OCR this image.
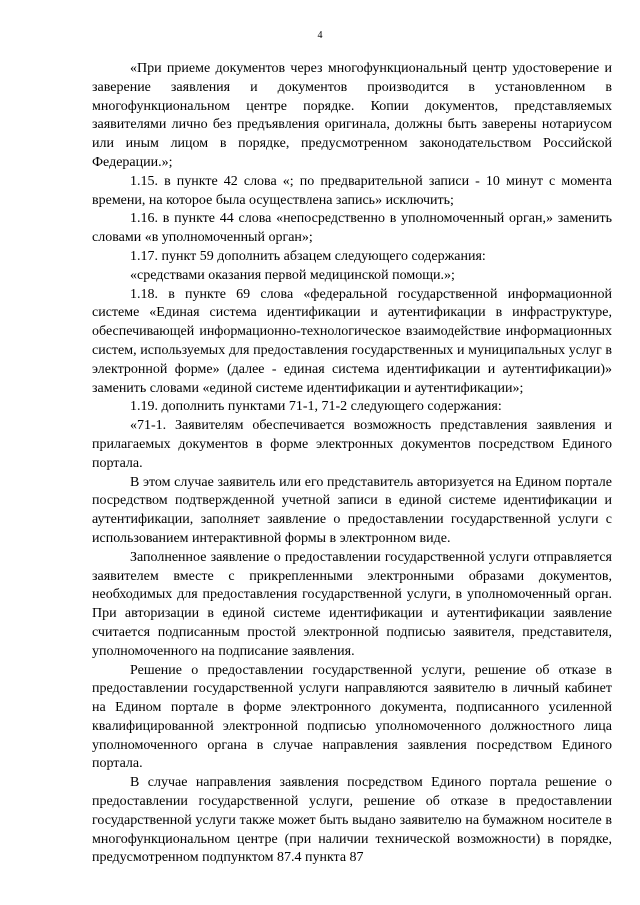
4

«При приеме документов через многофункциональный центр удостоверение и заверение заявления и документов производится в установленном в многофункциональном центре порядке. Копии документов, представляемых заявителями лично без предъявления оригинала, должны быть заверены нотариусом или иным лицом в порядке, предусмотренном законодательством Российской Федерации.»;

1.15. в пункте 42 слова «; по предварительной записи - 10 минут с момента времени, на которое была осуществлена запись» исключить;

1.16. в пункте 44 слова «непосредственно в уполномоченный орган,» заменить словами «в уполномоченный орган»;

1.17. пункт 59 дополнить абзацем следующего содержания:

«средствами оказания первой медицинской помощи.»;

1.18. в пункте 69 слова «федеральной государственной информационной системе «Единая система идентификации и аутентификации в инфраструктуре, обеспечивающей информационно-технологическое взаимодействие информационных систем, используемых для предоставления государственных и муниципальных услуг в электронной форме» (далее - единая система идентификации и аутентификации)» заменить словами «единой системе идентификации и аутентификации»;

1.19. дополнить пунктами 71-1, 71-2 следующего содержания:

«71-1. Заявителям обеспечивается возможность представления заявления и прилагаемых документов в форме электронных документов посредством Единого портала.

В этом случае заявитель или его представитель авторизуется на Едином портале посредством подтвержденной учетной записи в единой системе идентификации и аутентификации, заполняет заявление о предоставлении государственной услуги с использованием интерактивной формы в электронном виде.

Заполненное заявление о предоставлении государственной услуги отправляется заявителем вместе с прикрепленными электронными образами документов, необходимых для предоставления государственной услуги, в уполномоченный орган. При авторизации в единой системе идентификации и аутентификации заявление считается подписанным простой электронной подписью заявителя, представителя, уполномоченного на подписание заявления.

Решение о предоставлении государственной услуги, решение об отказе в предоставлении государственной услуги направляются заявителю в личный кабинет на Едином портале в форме электронного документа, подписанного усиленной квалифицированной электронной подписью уполномоченного должностного лица уполномоченного органа в случае направления заявления посредством Единого портала.

В случае направления заявления посредством Единого портала решение о предоставлении государственной услуги, решение об отказе в предоставлении государственной услуги также может быть выдано заявителю на бумажном носителе в многофункциональном центре (при наличии технической возможности) в порядке, предусмотренном подпунктом 87.4 пункта 87
